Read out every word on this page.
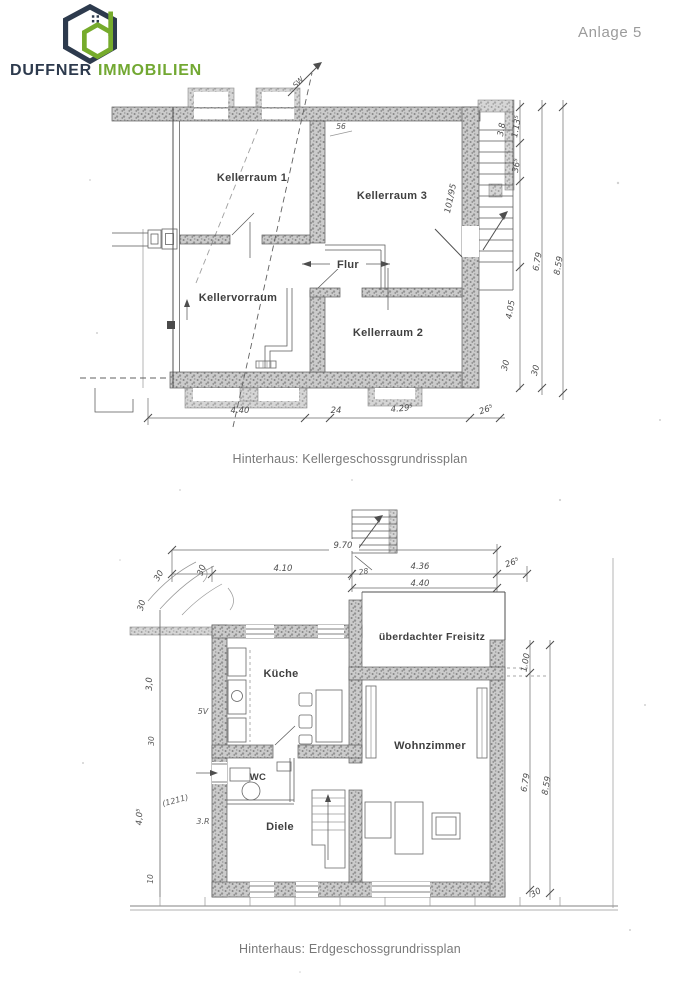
DUFFNER IMMOBILIEN
Anlage 5
SW
56
4.40	24	4.29⁵	26⁵
3.8 1.13⁵
36⁵
6.79 8.59
4.05
30 30
101/95
Kellerraum 1
Kellerraum 3
Kellervorraum
Flur
Kellerraum 2
9.70
30	4.10	4.36	26⁵
4.40
28
30
30
3,0
30
4,0⁵
10
5V
(1211)
3.R
1.00
6.79 8.59
30
überdachter Freisitz
Küche
Wohnzimmer
WC
Diele
Hinterhaus: Kellergeschossgrundrissplan
Hinterhaus: Erdgeschossgrundrissplan
